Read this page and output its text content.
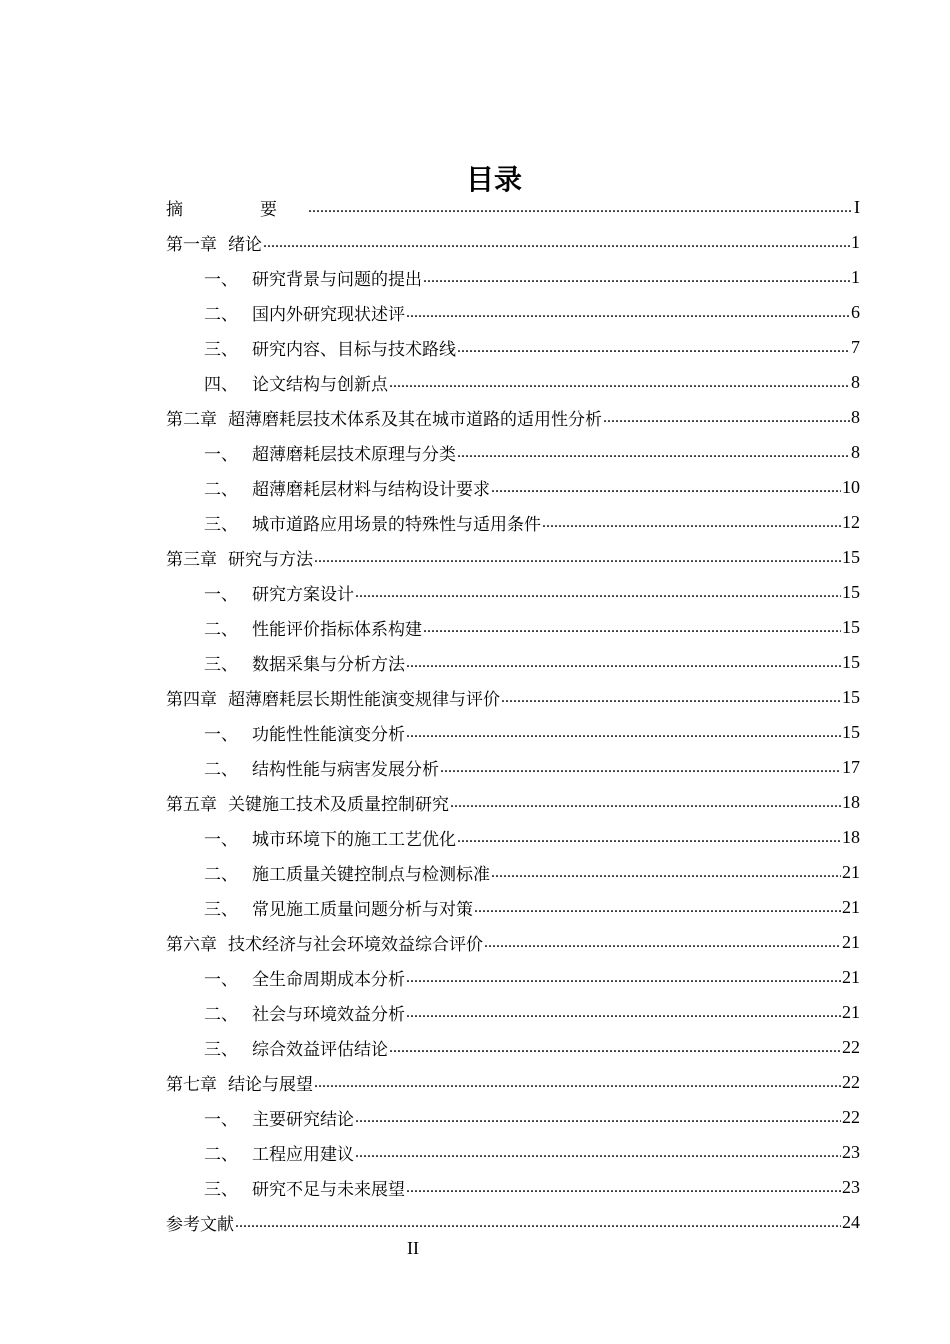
目录
摘　要 .....	I
第一章 绪论 .....	1
一、 研究背景与问题的提出 .....	1
二、 国内外研究现状述评 .....	6
三、 研究内容、目标与技术路线 .....	7
四、 论文结构与创新点 .....	8
第二章 超薄磨耗层技术体系及其在城市道路的适用性分析 .....	8
一、 超薄磨耗层技术原理与分类 .....	8
二、 超薄磨耗层材料与结构设计要求 .....	10
三、 城市道路应用场景的特殊性与适用条件 .....	12
第三章 研究与方法 .....	15
一、 研究方案设计 .....	15
二、 性能评价指标体系构建 .....	15
三、 数据采集与分析方法 .....	15
第四章 超薄磨耗层长期性能演变规律与评价 .....	15
一、 功能性性能演变分析 .....	15
二、 结构性能与病害发展分析 .....	17
第五章 关键施工技术及质量控制研究 .....	18
一、 城市环境下的施工工艺优化 .....	18
二、 施工质量关键控制点与检测标准 .....	21
三、 常见施工质量问题分析与对策 .....	21
第六章 技术经济与社会环境效益综合评价 .....	21
一、 全生命周期成本分析 .....	21
二、 社会与环境效益分析 .....	21
三、 综合效益评估结论 .....	22
第七章 结论与展望 .....	22
一、 主要研究结论 .....	22
二、 工程应用建议 .....	23
三、 研究不足与未来展望 .....	23
参考文献 .....	24
II
